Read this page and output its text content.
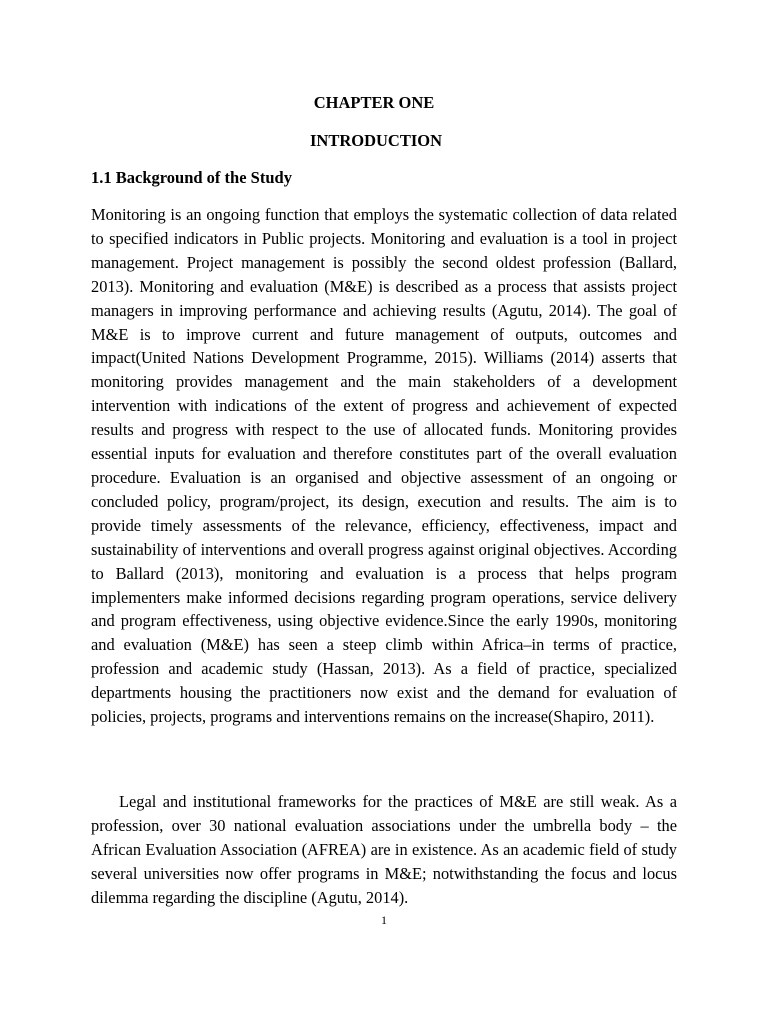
CHAPTER ONE
INTRODUCTION
1.1 Background of the Study

Monitoring is an ongoing function that employs the systematic collection of data related to specified indicators in Public projects. Monitoring and evaluation is a tool in project management. Project management is possibly the second oldest profession (Ballard, 2013). Monitoring and evaluation (M&E) is described as a process that assists project managers in improving performance and achieving results (Agutu, 2014). The goal of M&E is to improve current and future management of outputs, outcomes and impact(United Nations Development Programme, 2015). Williams (2014) asserts that monitoring provides management and the main stakeholders of a development intervention with indications of the extent of progress and achievement of expected results and progress with respect to the use of allocated funds. Monitoring provides essential inputs for evaluation and therefore constitutes part of the overall evaluation procedure. Evaluation is an organised and objective assessment of an ongoing or concluded policy, program/project, its design, execution and results. The aim is to provide timely assessments of the relevance, efficiency, effectiveness, impact and sustainability of interventions and overall progress against original objectives. According to Ballard (2013), monitoring and evaluation is a process that helps program implementers make informed decisions regarding program operations, service delivery and program effectiveness, using objective evidence.Since the early 1990s, monitoring and evaluation (M&E) has seen a steep climb within Africa–in terms of practice, profession and academic study (Hassan, 2013). As a field of practice, specialized departments housing the practitioners now exist and the demand for evaluation of policies, projects, programs and interventions remains on the increase(Shapiro, 2011).

Legal and institutional frameworks for the practices of M&E are still weak. As a profession, over 30 national evaluation associations under the umbrella body – the African Evaluation Association (AFREA) are in existence. As an academic field of study several universities now offer programs in M&E; notwithstanding the focus and locus dilemma regarding the discipline (Agutu, 2014).

1
